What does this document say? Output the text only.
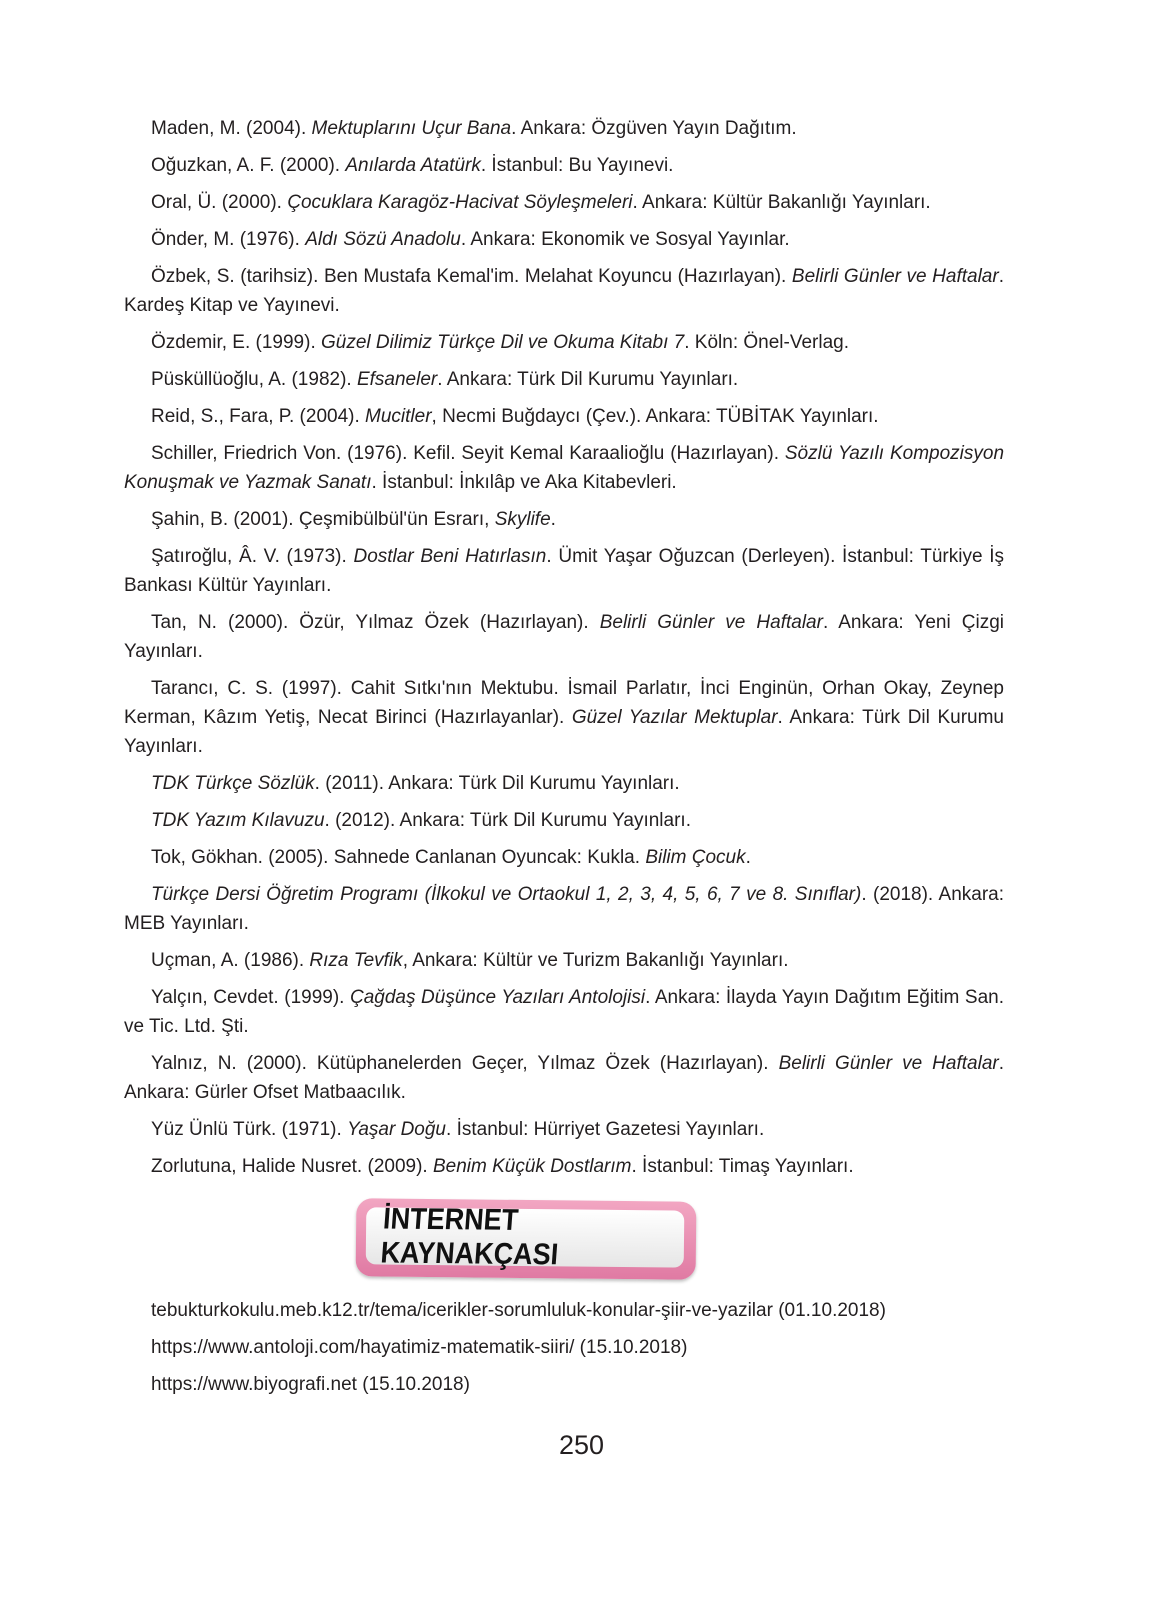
Maden, M. (2004). Mektuplarını Uçur Bana. Ankara: Özgüven Yayın Dağıtım.

Oğuzkan, A. F. (2000). Anılarda Atatürk. İstanbul: Bu Yayınevi.

Oral, Ü. (2000). Çocuklara Karagöz-Hacivat Söyleşmeleri. Ankara: Kültür Bakanlığı Yayınları.

Önder, M. (1976). Aldı Sözü Anadolu. Ankara: Ekonomik ve Sosyal Yayınlar.

Özbek, S. (tarihsiz). Ben Mustafa Kemal'im. Melahat Koyuncu (Hazırlayan). Belirli Günler ve Haftalar. Kardeş Kitap ve Yayınevi.

Özdemir, E. (1999). Güzel Dilimiz Türkçe Dil ve Okuma Kitabı 7. Köln: Önel-Verlag.

Püsküllüoğlu, A. (1982). Efsaneler. Ankara: Türk Dil Kurumu Yayınları.

Reid, S., Fara, P. (2004). Mucitler, Necmi Buğdaycı (Çev.). Ankara: TÜBİTAK Yayınları.

Schiller, Friedrich Von. (1976). Kefil. Seyit Kemal Karaalioğlu (Hazırlayan). Sözlü Yazılı Kompozisyon Konuşmak ve Yazmak Sanatı. İstanbul: İnkılâp ve Aka Kitabevleri.

Şahin, B. (2001). Çeşmibülbül'ün Esrarı, Skylife.

Şatıroğlu, Â. V. (1973). Dostlar Beni Hatırlasın. Ümit Yaşar Oğuzcan (Derleyen). İstanbul: Türkiye İş Bankası Kültür Yayınları.

Tan, N. (2000). Özür, Yılmaz Özek (Hazırlayan). Belirli Günler ve Haftalar. Ankara: Yeni Çizgi Yayınları.

Tarancı, C. S. (1997). Cahit Sıtkı'nın Mektubu. İsmail Parlatır, İnci Enginün, Orhan Okay, Zeynep Kerman, Kâzım Yetiş, Necat Birinci (Hazırlayanlar). Güzel Yazılar Mektuplar. Ankara: Türk Dil Kurumu Yayınları.

TDK Türkçe Sözlük. (2011). Ankara: Türk Dil Kurumu Yayınları.

TDK Yazım Kılavuzu. (2012). Ankara: Türk Dil Kurumu Yayınları.

Tok, Gökhan. (2005). Sahnede Canlanan Oyuncak: Kukla. Bilim Çocuk.

Türkçe Dersi Öğretim Programı (İlkokul ve Ortaokul 1, 2, 3, 4, 5, 6, 7 ve 8. Sınıflar). (2018). Ankara: MEB Yayınları.

Uçman, A. (1986). Rıza Tevfik, Ankara: Kültür ve Turizm Bakanlığı Yayınları.

Yalçın, Cevdet. (1999). Çağdaş Düşünce Yazıları Antolojisi. Ankara: İlayda Yayın Dağıtım Eğitim San. ve Tic. Ltd. Şti.

Yalnız, N. (2000). Kütüphanelerden Geçer, Yılmaz Özek (Hazırlayan). Belirli Günler ve Haftalar. Ankara: Gürler Ofset Matbaacılık.

Yüz Ünlü Türk. (1971). Yaşar Doğu. İstanbul: Hürriyet Gazetesi Yayınları.

Zorlutuna, Halide Nusret. (2009). Benim Küçük Dostlarım. İstanbul: Timaş Yayınları.

İNTERNET KAYNAKÇASI

tebukturkokulu.meb.k12.tr/tema/icerikler-sorumluluk-konular-şiir-ve-yazilar (01.10.2018)

https://www.antoloji.com/hayatimiz-matematik-siiri/ (15.10.2018)

https://www.biyografi.net (15.10.2018)

250
